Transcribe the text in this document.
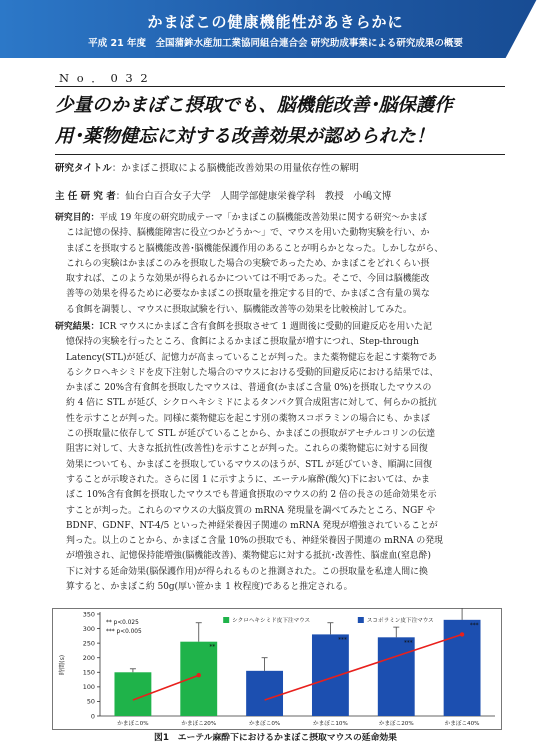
かまぼこの健康機能性があきらかに
平成 21 年度　全国蒲鉾水産加工業協同組合連合会 研究助成事業による研究成果の概要
N o ． 0 3 2
少量のかまぼこ摂取でも、脳機能改善･脳保護作
用･薬物健忘に対する改善効果が認められた！
研究タイトル：かまぼこ摂取による脳機能改善効果の用量依存性の解明
主 任 研 究 者：仙台白百合女子大学　人間学部健康栄養学科　教授　小嶋文博
研究目的：平成 19 年度の研究助成テーマ「かまぼこの脳機能改善効果に関する研究～かまぼ
こは記憶の保持、脳機能障害に役立つかどうか～」で、マウスを用いた動物実験を行い、か
まぼこを摂取すると脳機能改善･脳機能保護作用のあることが明らかとなった。しかしながら、
これらの実験はかまぼこのみを摂取した場合の実験であったため、かまぼこをどれくらい摂
取すれば、このような効果が得られるかについては不明であった。そこで、今回は脳機能改
善等の効果を得るために必要なかまぼこの摂取量を推定する目的で、かまぼこ含有量の異な
る食餌を調製し、マウスに摂取試験を行い、脳機能改善等の効果を比較検討してみた。
研究結果：ICR マウスにかまぼこ含有食餌を摂取させて 1 週間後に受動的回避反応を用いた記
憶保持の実験を行ったところ、食餌によるかまぼこ摂取量が増すにつれ、Step-through
Latency(STL)が延び、記憶力が高まっていることが判った。また薬物健忘を起こす薬物であ
るシクロヘキシミドを皮下注射した場合のマウスにおける受動的回避反応における結果では、
かまぼこ 20%含有食餌を摂取したマウスは、普通食(かまぼこ含量 0%)を摂取したマウスの
約 4 倍に STL が延び、シクロヘキシミドによるタンパク質合成阻害に対して、何らかの抵抗
性を示すことが判った。同様に薬物健忘を起こす別の薬物スコポラミンの場合にも、かまぼ
この摂取量に依存して STL が延びていることから、かまぼこの摂取がアセチルコリンの伝達
阻害に対して、大きな抵抗性(改善性)を示すことが判った。これらの薬物健忘に対する回復
効果についても、かまぼこを摂取しているマウスのほうが、STL が延びていき、順調に回復
することが示唆された。さらに図 1 に示すように、エーテル麻酔(酸欠)下においては、かま
ぼこ 10%含有食餌を摂取したマウスでも普通食摂取のマウスの約 2 倍の長さの延命効果を示
すことが判った。これらのマウスの大脳皮質の mRNA 発現量を調べてみたところ、NGF や
BDNF、GDNF、NT-4/5 といった神経栄養因子関連の mRNA 発現が増強されていることが
判った。以上のことから、かまぼこ含量 10%の摂取でも、神経栄養因子関連の mRNA の発現
が増強され、記憶保持能増強(脳機能改善)、薬物健忘に対する抵抗･改善性、脳虚血(窒息酔)
下に対する延命効果(脳保護作用)が得られるものと推測された。この摂取量を私達人間に換
算すると、かまぼこ約 50g(厚い笹かま 1 枚程度)であると推定される。
0
50
100
150
200
250
300
350
時間(s)
かまぼこ0%	かまぼこ20%	かまぼこ0%	かまぼこ10%	かまぼこ20%	かまぼこ40%
**
***	***
***
** p<0.025
*** p<0.005
シクロヘキシミド皮下注マウス	スコポラミン皮下注マウス
図1　エーテル麻酔下におけるかまぼこ摂取マウスの延命効果
